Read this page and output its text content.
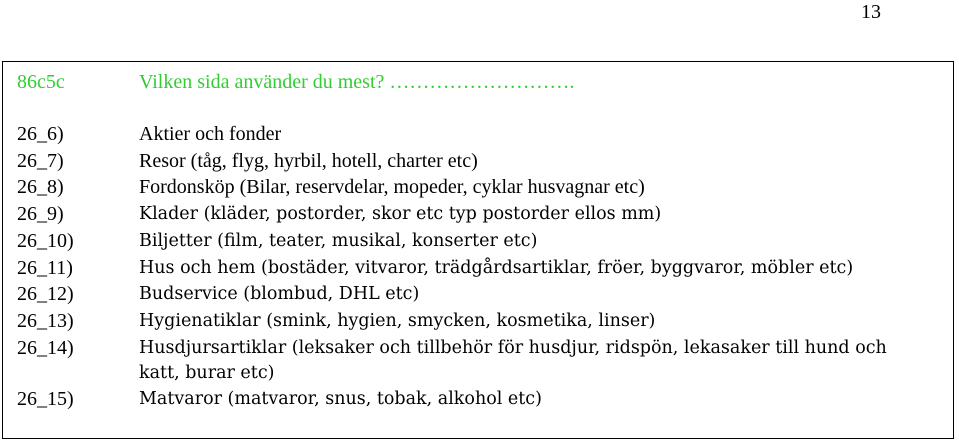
13
86c5c	Vilken sida använder du mest? ……………………….
26_6)	Aktier och fonder
26_7)	Resor (tåg, flyg, hyrbil, hotell, charter etc)
26_8)	Fordonsköp (Bilar, reservdelar, mopeder, cyklar husvagnar etc)
26_9)	Klader (kläder, postorder, skor etc typ postorder ellos mm)
26_10)	Biljetter (film, teater, musikal, konserter etc)
26_11)	Hus och hem (bostäder, vitvaror, trädgårdsartiklar, fröer, byggvaror, möbler etc)
26_12)	Budservice (blombud, DHL etc)
26_13)	Hygienatiklar (smink, hygien, smycken, kosmetika, linser)
26_14)	Husdjursartiklar (leksaker och tillbehör för husdjur, ridspön, lekasaker till hund och
katt, burar etc)
26_15)	Matvaror (matvaror, snus, tobak, alkohol etc)
